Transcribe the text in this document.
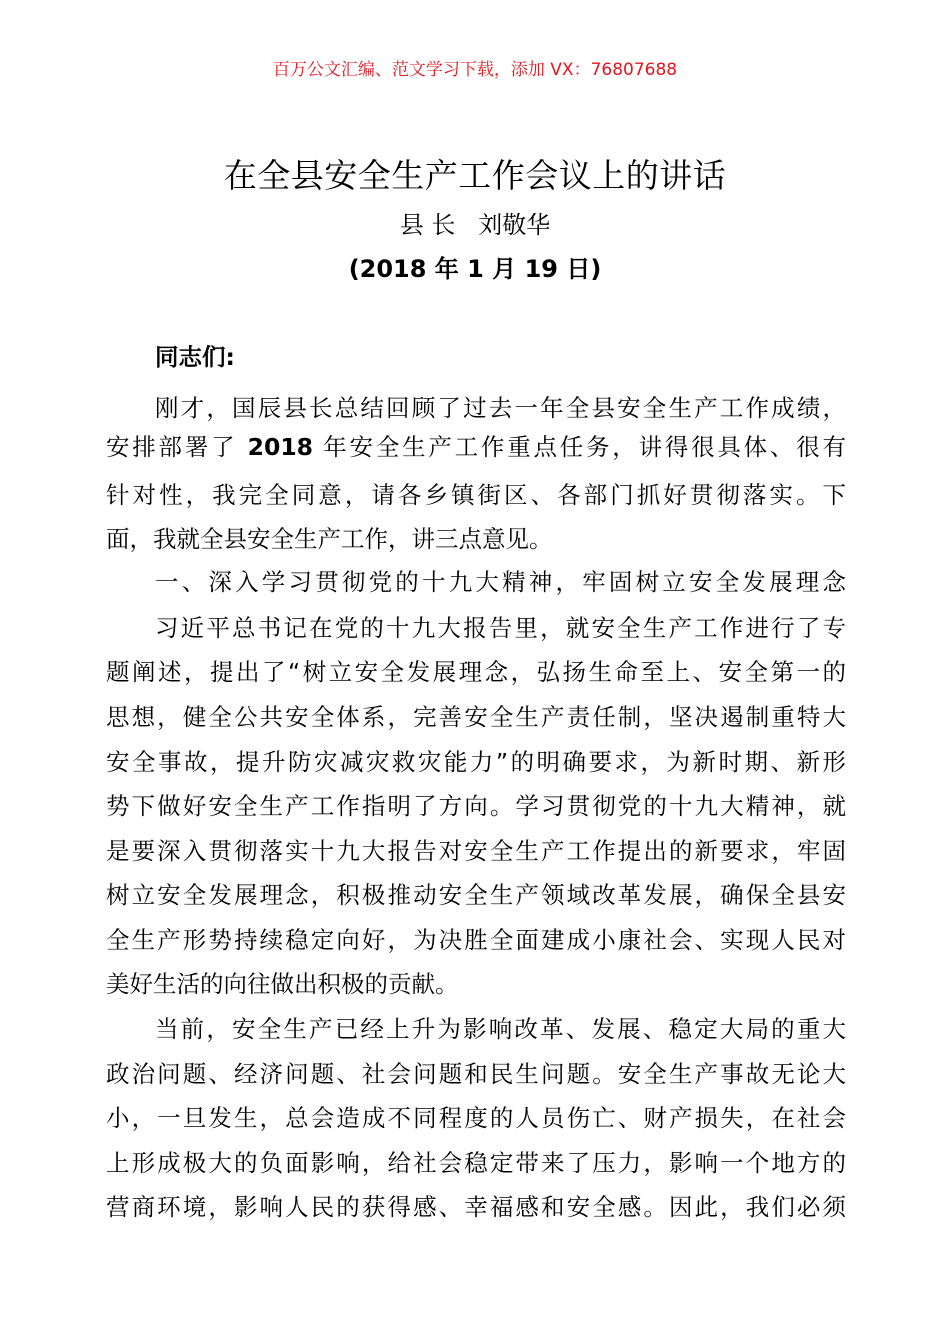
百万公文汇编、范文学习下载，添加 VX：76807688
在全县安全生产工作会议上的讲话
县 长   刘敬华
(2018 年 1 月 19 日)
同志们:
刚才，国辰县长总结回顾了过去一年全县安全生产工作成绩，
安排部署了 2018 年安全生产工作重点任务，讲得很具体、很有
针对性，我完全同意，请各乡镇街区、各部门抓好贯彻落实。下
面，我就全县安全生产工作，讲三点意见。
一、深入学习贯彻党的十九大精神，牢固树立安全发展理念
习近平总书记在党的十九大报告里，就安全生产工作进行了专
题阐述，提出了“树立安全发展理念，弘扬生命至上、安全第一的
思想，健全公共安全体系，完善安全生产责任制，坚决遏制重特大
安全事故，提升防灾减灾救灾能力”的明确要求，为新时期、新形
势下做好安全生产工作指明了方向。学习贯彻党的十九大精神，就
是要深入贯彻落实十九大报告对安全生产工作提出的新要求，牢固
树立安全发展理念，积极推动安全生产领域改革发展，确保全县安
全生产形势持续稳定向好，为决胜全面建成小康社会、实现人民对
美好生活的向往做出积极的贡献。
当前，安全生产已经上升为影响改革、发展、稳定大局的重大
政治问题、经济问题、社会问题和民生问题。安全生产事故无论大
小，一旦发生，总会造成不同程度的人员伤亡、财产损失，在社会
上形成极大的负面影响，给社会稳定带来了压力，影响一个地方的
营商环境，影响人民的获得感、幸福感和安全感。因此，我们必须
